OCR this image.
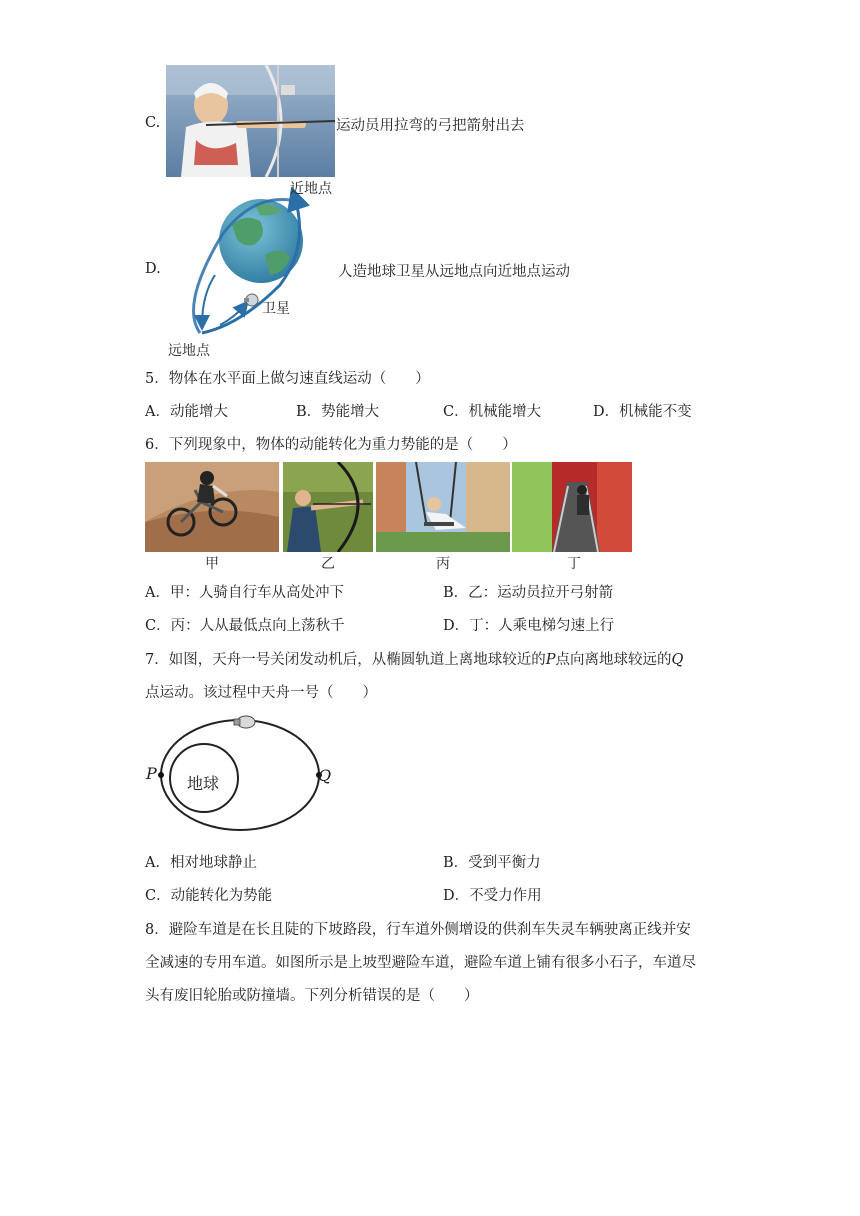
C.	运动员用拉弯的弓把箭射出去
D.
近地点
卫星
远地点
人造地球卫星从远地点向近地点运动
5．物体在水平面上做匀速直线运动（　　）
A．动能增大	B．势能增大	C．机械能增大	D．机械能不变
6．下列现象中，物体的动能转化为重力势能的是（　　）
甲	乙	丙	丁
A．甲：人骑自行车从高处冲下	B．乙：运动员拉开弓射箭
C．丙：人从最低点向上荡秋千	D．丁：人乘电梯匀速上行
7．如图，天舟一号关闭发动机后，从椭圆轨道上离地球较近的P点向离地球较远的Q
点运动。该过程中天舟一号（　　）
地球
P	Q
A．相对地球静止	B．受到平衡力
C．动能转化为势能	D．不受力作用
8．避险车道是在长且陡的下坡路段，行车道外侧增设的供刹车失灵车辆驶离正线并安
全减速的专用车道。如图所示是上坡型避险车道，避险车道上铺有很多小石子，车道尽
头有废旧轮胎或防撞墙。下列分析错误的是（　　）
